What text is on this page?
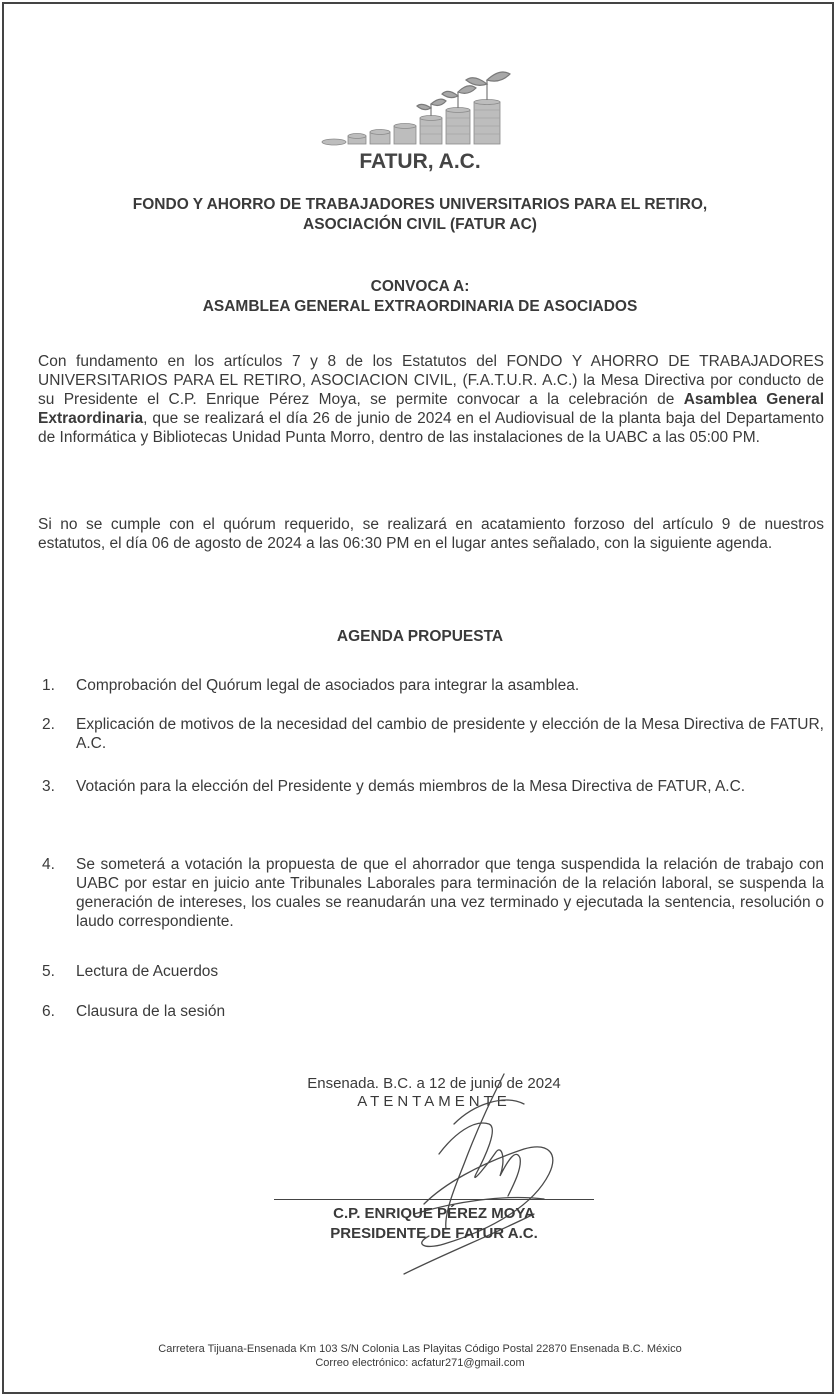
FATUR, A.C.
FONDO Y AHORRO DE TRABAJADORES UNIVERSITARIOS PARA EL RETIRO,
ASOCIACIÓN CIVIL (FATUR AC)
CONVOCA A:
ASAMBLEA GENERAL EXTRAORDINARIA DE ASOCIADOS

Con fundamento en los artículos 7 y 8 de los Estatutos del FONDO Y AHORRO DE TRABAJADORES UNIVERSITARIOS PARA EL RETIRO, ASOCIACION CIVIL, (F.A.T.U.R. A.C.) la Mesa Directiva por conducto de su Presidente el C.P. Enrique Pérez Moya, se permite convocar a la celebración de Asamblea General Extraordinaria, que se realizará el día 26 de junio de 2024 en el Audiovisual de la planta baja del Departamento de Informática y Bibliotecas Unidad Punta Morro, dentro de las instalaciones de la UABC a las 05:00 PM.

Si no se cumple con el quórum requerido, se realizará en acatamiento forzoso del artículo 9 de nuestros estatutos, el día 06 de agosto de 2024 a las 06:30 PM en el lugar antes señalado, con la siguiente agenda.

AGENDA PROPUESTA
1. Comprobación del Quórum legal de asociados para integrar la asamblea.
2. Explicación de motivos de la necesidad del cambio de presidente y elección de la Mesa Directiva de FATUR, A.C.
3. Votación para la elección del Presidente y demás miembros de la Mesa Directiva de FATUR, A.C.
4. Se someterá a votación la propuesta de que el ahorrador que tenga suspendida la relación de trabajo con UABC por estar en juicio ante Tribunales Laborales para terminación de la relación laboral, se suspenda la generación de intereses, los cuales se reanudarán una vez terminado y ejecutada la sentencia, resolución o laudo correspondiente.
5. Lectura de Acuerdos
6. Clausura de la sesión
Ensenada. B.C. a 12 de junio de 2024
ATENTAMENTE
C.P. ENRIQUE PÉREZ MOYA
PRESIDENTE DE FATUR A.C.
Carretera Tijuana-Ensenada Km 103 S/N Colonia Las Playitas Código Postal 22870 Ensenada B.C. México
Correo electrónico: acfatur271@gmail.com
